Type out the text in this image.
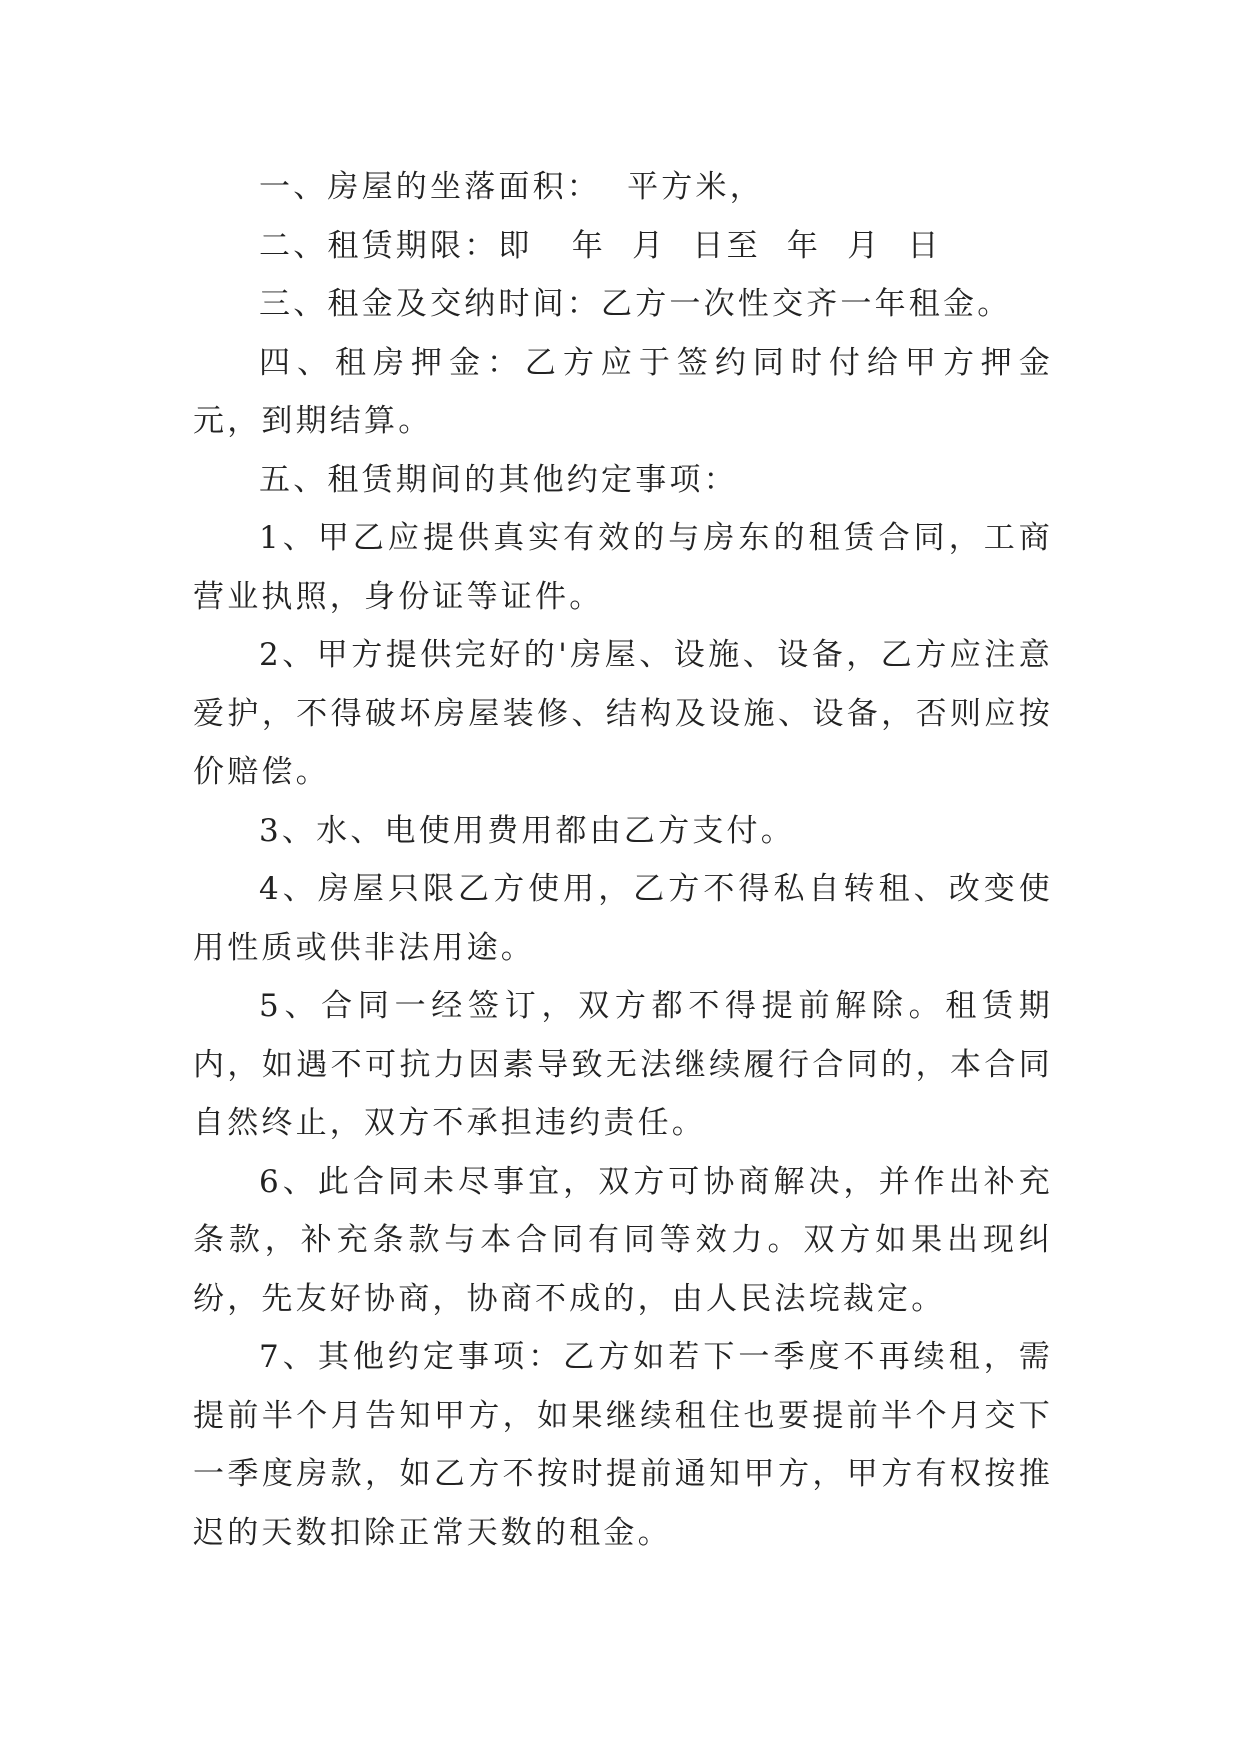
一、房屋的坐落面积：  平方米，

二、租赁期限：即   年  月  日至  年  月  日

三、租金及交纳时间：乙方一次性交齐一年租金。

四、租房押金：乙方应于签约同时付给甲方押金  元，到期结算。

五、租赁期间的其他约定事项：

1、甲乙应提供真实有效的与房东的租赁合同，工商营业执照，身份证等证件。

2、甲方提供完好的'房屋、设施、设备，乙方应注意爱护，不得破坏房屋装修、结构及设施、设备，否则应按价赔偿。

3、水、电使用费用都由乙方支付。

4、房屋只限乙方使用，乙方不得私自转租、改变使用性质或供非法用途。

5、合同一经签订，双方都不得提前解除。租赁期内，如遇不可抗力因素导致无法继续履行合同的，本合同自然终止，双方不承担违约责任。

6、此合同未尽事宜，双方可协商解决，并作出补充条款，补充条款与本合同有同等效力。双方如果出现纠纷，先友好协商，协商不成的，由人民法垸裁定。

7、其他约定事项：乙方如若下一季度不再续租，需提前半个月告知甲方，如果继续租住也要提前半个月交下一季度房款，如乙方不按时提前通知甲方，甲方有权按推迟的天数扣除正常天数的租金。
